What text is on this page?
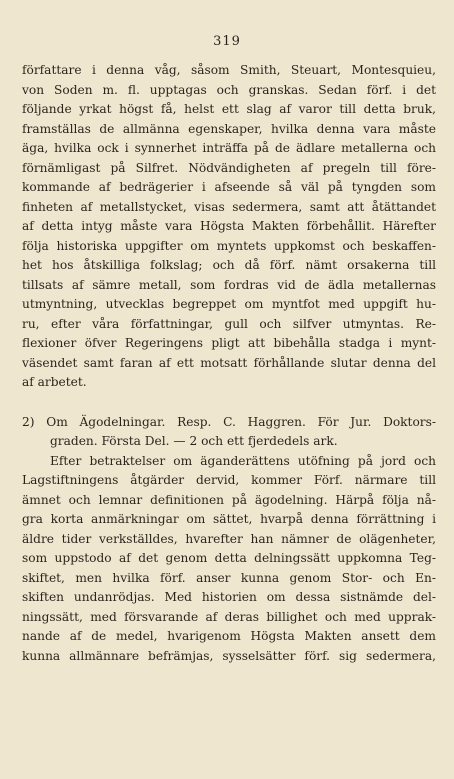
319
författare i denna våg, såsom Smith, Steuart, Montesquieu,
von Soden m. fl. upptagas och granskas. Sedan förf. i det
följande yrkat högst få, helst ett slag af varor till detta bruk,
framställas de allmänna egenskaper, hvilka denna vara måste
äga, hvilka ock i synnerhet inträffa på de ädlare metallerna och
förnämligast på Silfret. Nödvändigheten af pregeln till före-
kommande af bedrägerier i afseende så väl på tyngden som
finheten af metallstycket, visas sedermera, samt att åtättandet
af detta intyg måste vara Högsta Makten förbehållit. Härefter
följa historiska uppgifter om myntets uppkomst och beskaffen-
het hos åtskilliga folkslag; och då förf. nämt orsakerna till
tillsats af sämre metall, som fordras vid de ädla metallernas
utmyntning, utvecklas begreppet om myntfot med uppgift hu-
ru, efter våra författningar, gull och silfver utmyntas. Re-
flexioner öfver Regeringens pligt att bibehålla stadga i mynt-
väsendet samt faran af ett motsatt förhållande slutar denna del
af arbetet.
2) Om Ägodelningar. Resp. C. Haggren. För Jur. Doktors-
graden. Första Del. — 2 och ett fjerdedels ark.
Efter betraktelser om äganderättens utöfning på jord och
Lagstiftningens åtgärder dervid, kommer Förf. närmare till
ämnet och lemnar definitionen på ägodelning. Härpå följa nå-
gra korta anmärkningar om sättet, hvarpå denna förrättning i
äldre tider verkställdes, hvarefter han nämner de olägenheter,
som uppstodo af det genom detta delningssätt uppkomna Teg-
skiftet, men hvilka förf. anser kunna genom Stor- och En-
skiften undanrödjas. Med historien om dessa sistnämde del-
ningssätt, med försvarande af deras billighet och med upprak-
nande af de medel, hvarigenom Högsta Makten ansett dem
kunna allmännare befrämjas, sysselsätter förf. sig sedermera,
